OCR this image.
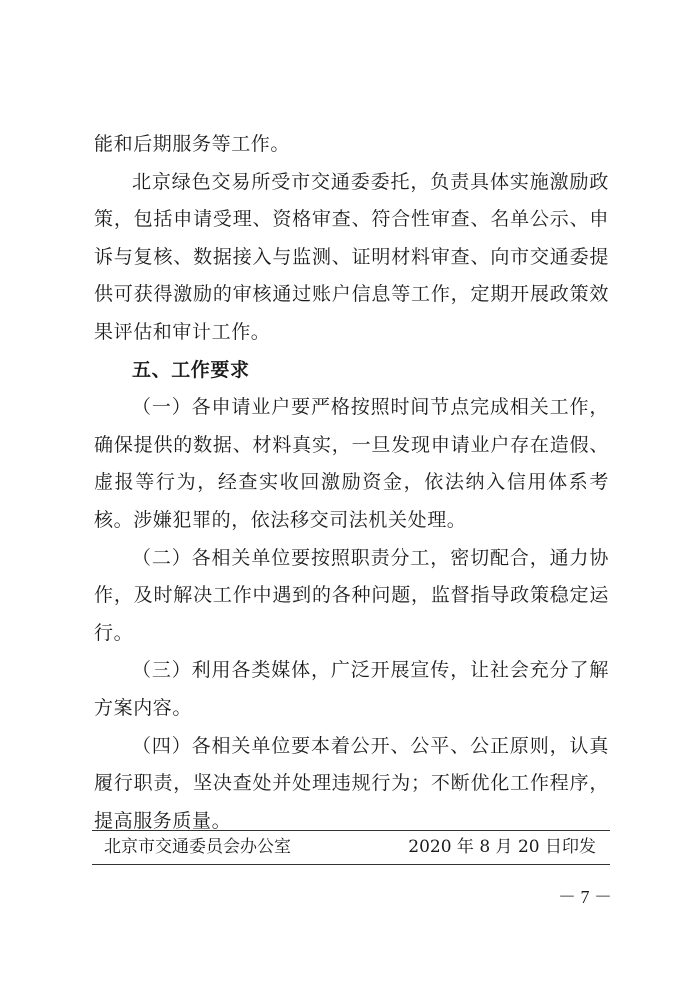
能和后期服务等工作。

北京绿色交易所受市交通委委托，负责具体实施激励政策，包括申请受理、资格审查、符合性审查、名单公示、申诉与复核、数据接入与监测、证明材料审查、向市交通委提供可获得激励的审核通过账户信息等工作，定期开展政策效果评估和审计工作。

五、工作要求

（一）各申请业户要严格按照时间节点完成相关工作，确保提供的数据、材料真实，一旦发现申请业户存在造假、虚报等行为，经查实收回激励资金，依法纳入信用体系考核。涉嫌犯罪的，依法移交司法机关处理。

（二）各相关单位要按照职责分工，密切配合，通力协作，及时解决工作中遇到的各种问题，监督指导政策稳定运行。

（三）利用各类媒体，广泛开展宣传，让社会充分了解方案内容。

（四）各相关单位要本着公开、公平、公正原则，认真履行职责，坚决查处并处理违规行为；不断优化工作程序，提高服务质量。

北京市交通委员会办公室	2020 年 8 月 20 日印发
－ 7 －
